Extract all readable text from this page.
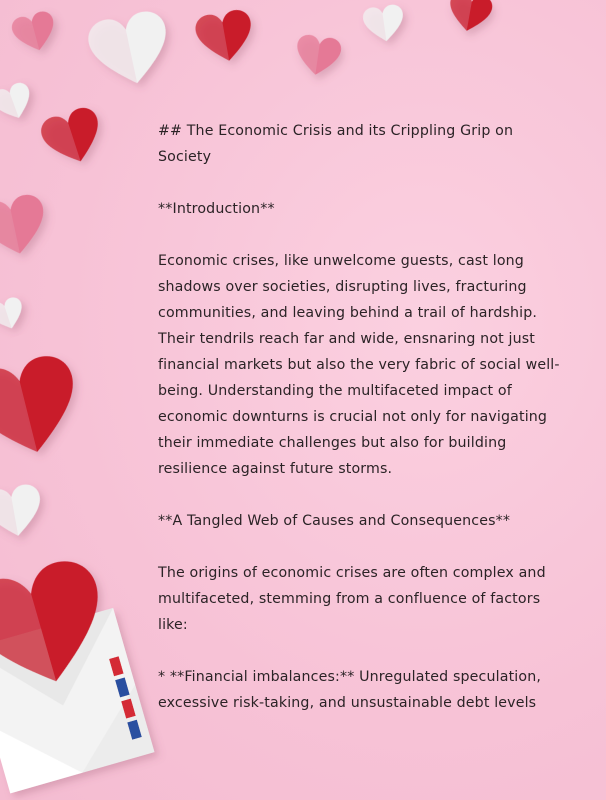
## The Economic Crisis and its Crippling Grip on Society

**Introduction**

Economic crises, like unwelcome guests, cast long shadows over societies, disrupting lives, fracturing communities, and leaving behind a trail of hardship. Their tendrils reach far and wide, ensnaring not just financial markets but also the very fabric of social well-being. Understanding the multifaceted impact of economic downturns is crucial not only for navigating their immediate challenges but also for building resilience against future storms.

**A Tangled Web of Causes and Consequences**

The origins of economic crises are often complex and multifaceted, stemming from a confluence of factors like:

* **Financial imbalances:** Unregulated speculation, excessive risk-taking, and unsustainable debt levels
